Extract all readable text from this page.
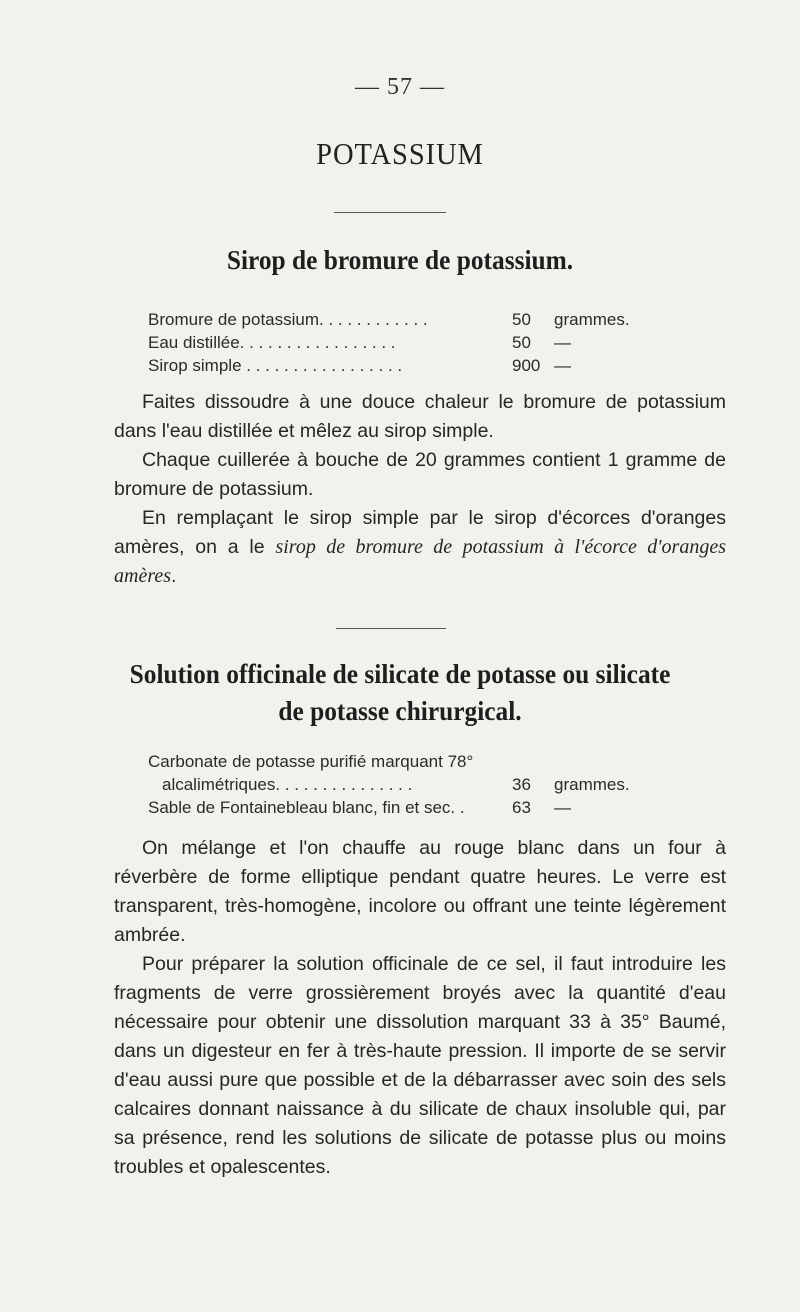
— 57 —
POTASSIUM
Sirop de bromure de potassium.
Bromure de potassium. . . . . . . . . . . .	50 grammes.
Eau distillée. . . . . . . . . . . . . . . . .	50 —
Sirop simple . . . . . . . . . . . . . . . . .	900 —

Faites dissoudre à une douce chaleur le bromure de potassium dans l'eau distillée et mêlez au sirop simple.

Chaque cuillerée à bouche de 20 grammes contient 1 gramme de bromure de potassium.

En remplaçant le sirop simple par le sirop d'écorces d'oranges amères, on a le sirop de bromure de potassium à l'écorce d'oranges amères.

Solution officinale de silicate de potasse ou silicate
de potasse chirurgical.
Carbonate de potasse purifié marquant 78°
alcalimétriques. . . . . . . . . . . . . . .	36 grammes.
Sable de Fontainebleau blanc, fin et sec. .	63 —

On mélange et l'on chauffe au rouge blanc dans un four à réverbère de forme elliptique pendant quatre heures. Le verre est transparent, très-homogène, incolore ou offrant une teinte légèrement ambrée.

Pour préparer la solution officinale de ce sel, il faut introduire les fragments de verre grossièrement broyés avec la quantité d'eau nécessaire pour obtenir une dissolution marquant 33 à 35° Baumé, dans un digesteur en fer à très-haute pression. Il importe de se servir d'eau aussi pure que possible et de la débarrasser avec soin des sels calcaires donnant naissance à du silicate de chaux insoluble qui, par sa présence, rend les solutions de silicate de potasse plus ou moins troubles et opalescentes.
